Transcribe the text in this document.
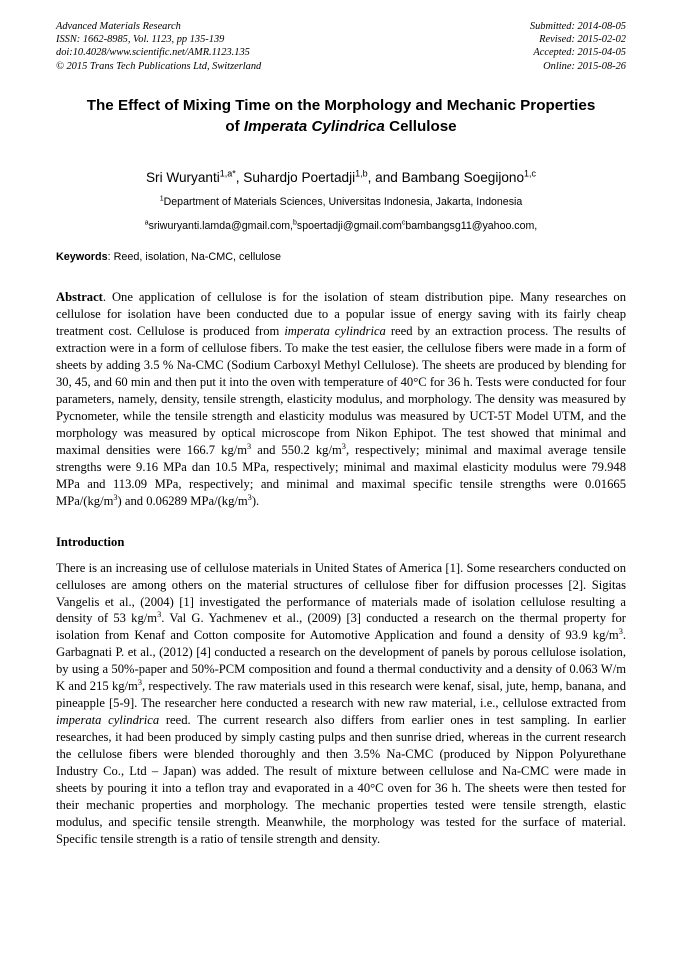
Advanced Materials Research
ISSN: 1662-8985, Vol. 1123, pp 135-139
doi:10.4028/www.scientific.net/AMR.1123.135
© 2015 Trans Tech Publications Ltd, Switzerland
Submitted: 2014-08-05
Revised: 2015-02-02
Accepted: 2015-04-05
Online: 2015-08-26
The Effect of Mixing Time on the Morphology and Mechanic Properties
of Imperata Cylindrica Cellulose
Sri Wuryanti$^{1,a*}$, Suhardjo Poertadji$^{1,b}$, and Bambang Soegijono$^{1,c}$
$^1$Department of Materials Sciences, Universitas Indonesia, Jakarta, Indonesia
$^a$sriwuryanti.lamda@gmail.com,$^b$spoertadji@gmail.com$^c$bambangsg11@yahoo.com,
Keywords: Reed, isolation, Na-CMC, cellulose
Abstract. One application of cellulose is for the isolation of steam distribution pipe. Many researches on cellulose for isolation have been conducted due to a popular issue of energy saving with its fairly cheap treatment cost. Cellulose is produced from imperata cylindrica reed by an extraction process. The results of extraction were in a form of cellulose fibers. To make the test easier, the cellulose fibers were made in a form of sheets by adding 3.5 % Na-CMC (Sodium Carboxyl Methyl Cellulose). The sheets are produced by blending for 30, 45, and 60 min and then put it into the oven with temperature of 40°C for 36 h. Tests were conducted for four parameters, namely, density, tensile strength, elasticity modulus, and morphology. The density was measured by Pycnometer, while the tensile strength and elasticity modulus was measured by UCT-5T Model UTM, and the morphology was measured by optical microscope from Nikon Ephipot. The test showed that minimal and maximal densities were 166.7 $kg/m^3$ and 550.2 $kg/m^3$, respectively; minimal and maximal average tensile strengths were 9.16 MPa dan 10.5 MPa, respectively; minimal and maximal elasticity modulus were 79.948 MPa and 113.09 MPa, respectively; and minimal and maximal specific tensile strengths were 0.01665 MPa/$(kg/m^3)$ and 0.06289 MPa/$(kg/m^3)$.
Introduction
There is an increasing use of cellulose materials in United States of America [1]. Some researchers conducted on celluloses are among others on the material structures of cellulose fiber for diffusion processes [2]. Sigitas Vangelis et al., (2004) [1] investigated the performance of materials made of isolation cellulose resulting a density of 53 $kg/m^3$. Val G. Yachmenev et al., (2009) [3] conducted a research on the thermal property for isolation from Kenaf and Cotton composite for Automotive Application and found a density of 93.9 $kg/m^3$. Garbagnati P. et al., (2012) [4] conducted a research on the development of panels by porous cellulose isolation, by using a 50%-paper and 50%-PCM composition and found a thermal conductivity and a density of 0.063 W/m K and 215 $kg/m^3$, respectively. The raw materials used in this research were kenaf, sisal, jute, hemp, banana, and pineapple [5-9]. The researcher here conducted a research with new raw material, i.e., cellulose extracted from imperata cylindrica reed. The current research also differs from earlier ones in test sampling. In earlier researches, it had been produced by simply casting pulps and then sunrise dried, whereas in the current research the cellulose fibers were blended thoroughly and then 3.5% Na-CMC (produced by Nippon Polyurethane Industry Co., Ltd – Japan) was added. The result of mixture between cellulose and Na-CMC were made in sheets by pouring it into a teflon tray and evaporated in a 40°C oven for 36 h. The sheets were then tested for their mechanic properties and morphology. The mechanic properties tested were tensile strength, elastic modulus, and specific tensile strength. Meanwhile, the morphology was tested for the surface of material. Specific tensile strength is a ratio of tensile strength and density.
